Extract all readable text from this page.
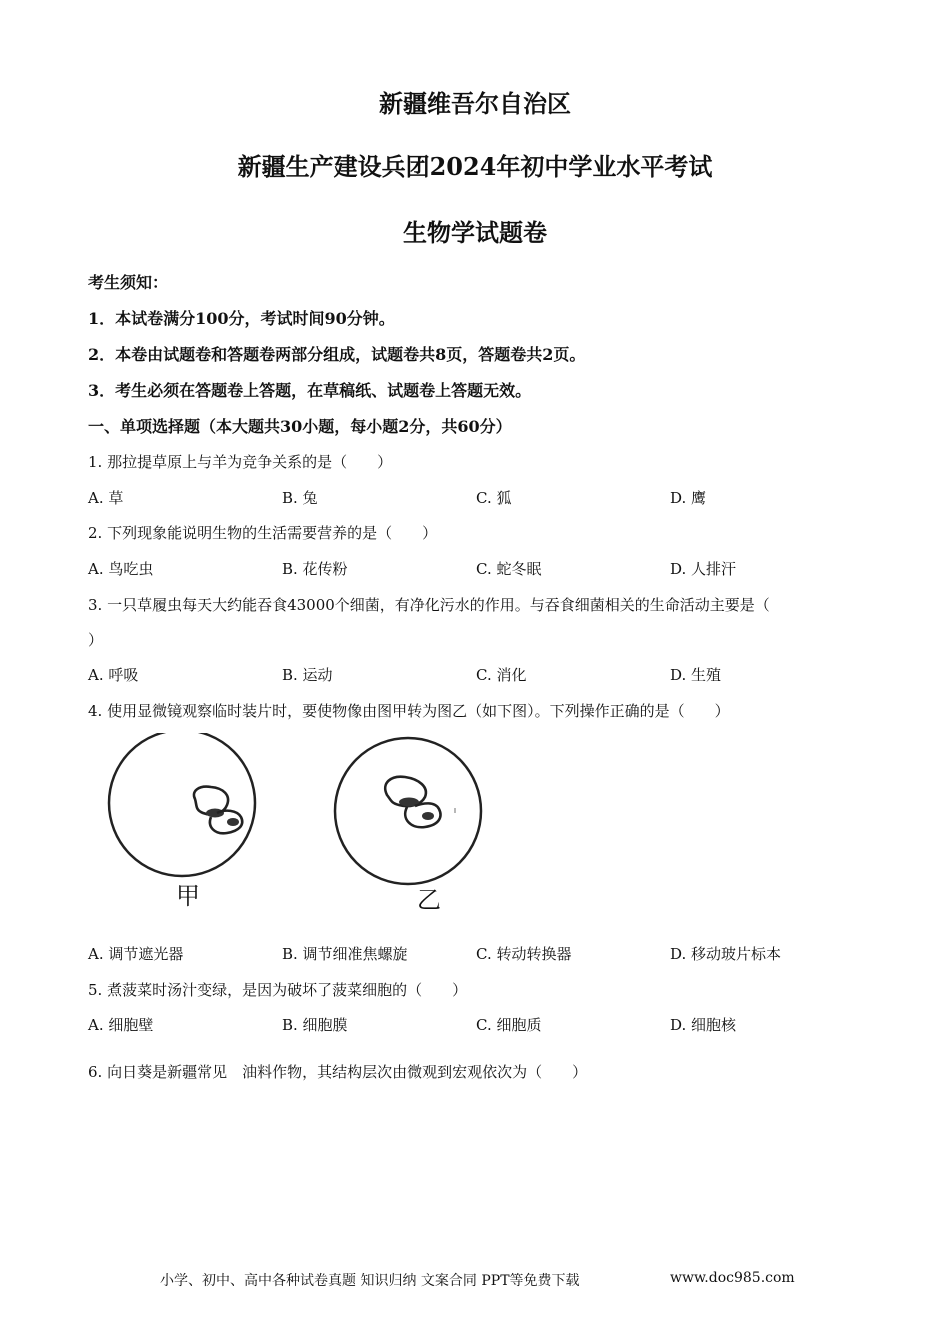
新疆维吾尔自治区
新疆生产建设兵团2024年初中学业水平考试
生物学试题卷
考生须知：
1．本试卷满分100分，考试时间90分钟。
2．本卷由试题卷和答题卷两部分组成，试题卷共8页，答题卷共2页。
3．考生必须在答题卷上答题，在草稿纸、试题卷上答题无效。
一、单项选择题（本大题共30小题，每小题2分，共60分）
1. 那拉提草原上与羊为竞争关系的是（　　）
A. 草	B. 兔	C. 狐	D. 鹰
2. 下列现象能说明生物的生活需要营养的是（　　）
A. 鸟吃虫	B. 花传粉	C. 蛇冬眠	D. 人排汗
3. 一只草履虫每天大约能吞食43000个细菌，有净化污水的作用。与吞食细菌相关的生命活动主要是（
）
A. 呼吸	B. 运动	C. 消化	D. 生殖
4. 使用显微镜观察临时装片时，要使物像由图甲转为图乙（如下图）。下列操作正确的是（　　）
甲	乙
A. 调节遮光器	B. 调节细准焦螺旋	C. 转动转换器	D. 移动玻片标本
5. 煮菠菜时汤汁变绿，是因为破坏了菠菜细胞的（　　）
A. 细胞壁	B. 细胞膜	C. 细胞质	D. 细胞核
6. 向日葵是新疆常见　油料作物，其结构层次由微观到宏观依次为（　　）
小学、初中、高中各种试卷真题 知识归纳 文案合同 PPT等免费下载	www.doc985.com
